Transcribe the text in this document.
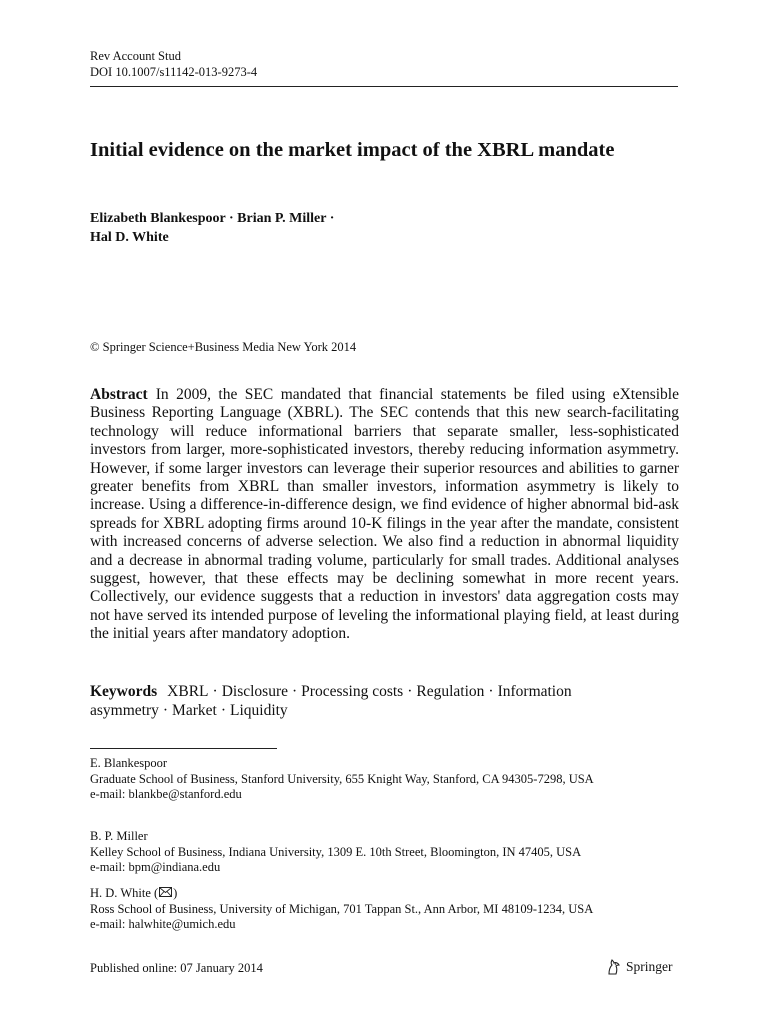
Rev Account Stud
DOI 10.1007/s11142-013-9273-4
Initial evidence on the market impact of the XBRL mandate
Elizabeth Blankespoor · Brian P. Miller ·
Hal D. White
© Springer Science+Business Media New York 2014

Abstract In 2009, the SEC mandated that financial statements be filed using eXtensible Business Reporting Language (XBRL). The SEC contends that this new search-facilitating technology will reduce informational barriers that separate smaller, less-sophisticated investors from larger, more-sophisticated investors, thereby reducing information asymmetry. However, if some larger investors can leverage their superior resources and abilities to garner greater benefits from XBRL than smaller investors, information asymmetry is likely to increase. Using a difference-in-difference design, we find evidence of higher abnormal bid-ask spreads for XBRL adopting firms around 10-K filings in the year after the mandate, consistent with increased concerns of adverse selection. We also find a reduction in abnormal liquidity and a decrease in abnormal trading volume, particularly for small trades. Additional analyses suggest, however, that these effects may be declining somewhat in more recent years. Collectively, our evidence suggests that a reduction in investors' data aggregation costs may not have served its intended purpose of leveling the informational playing field, at least during the initial years after mandatory adoption.

Keywords XBRL · Disclosure · Processing costs · Regulation · Information asymmetry · Market · Liquidity

E. Blankespoor
Graduate School of Business, Stanford University, 655 Knight Way, Stanford, CA 94305-7298, USA
e-mail: blankbe@stanford.edu
B. P. Miller
Kelley School of Business, Indiana University, 1309 E. 10th Street, Bloomington, IN 47405, USA
e-mail: bpm@indiana.edu
H. D. White ( )
Ross School of Business, University of Michigan, 701 Tappan St., Ann Arbor, MI 48109-1234, USA
e-mail: halwhite@umich.edu
Published online: 07 January 2014	Springer
